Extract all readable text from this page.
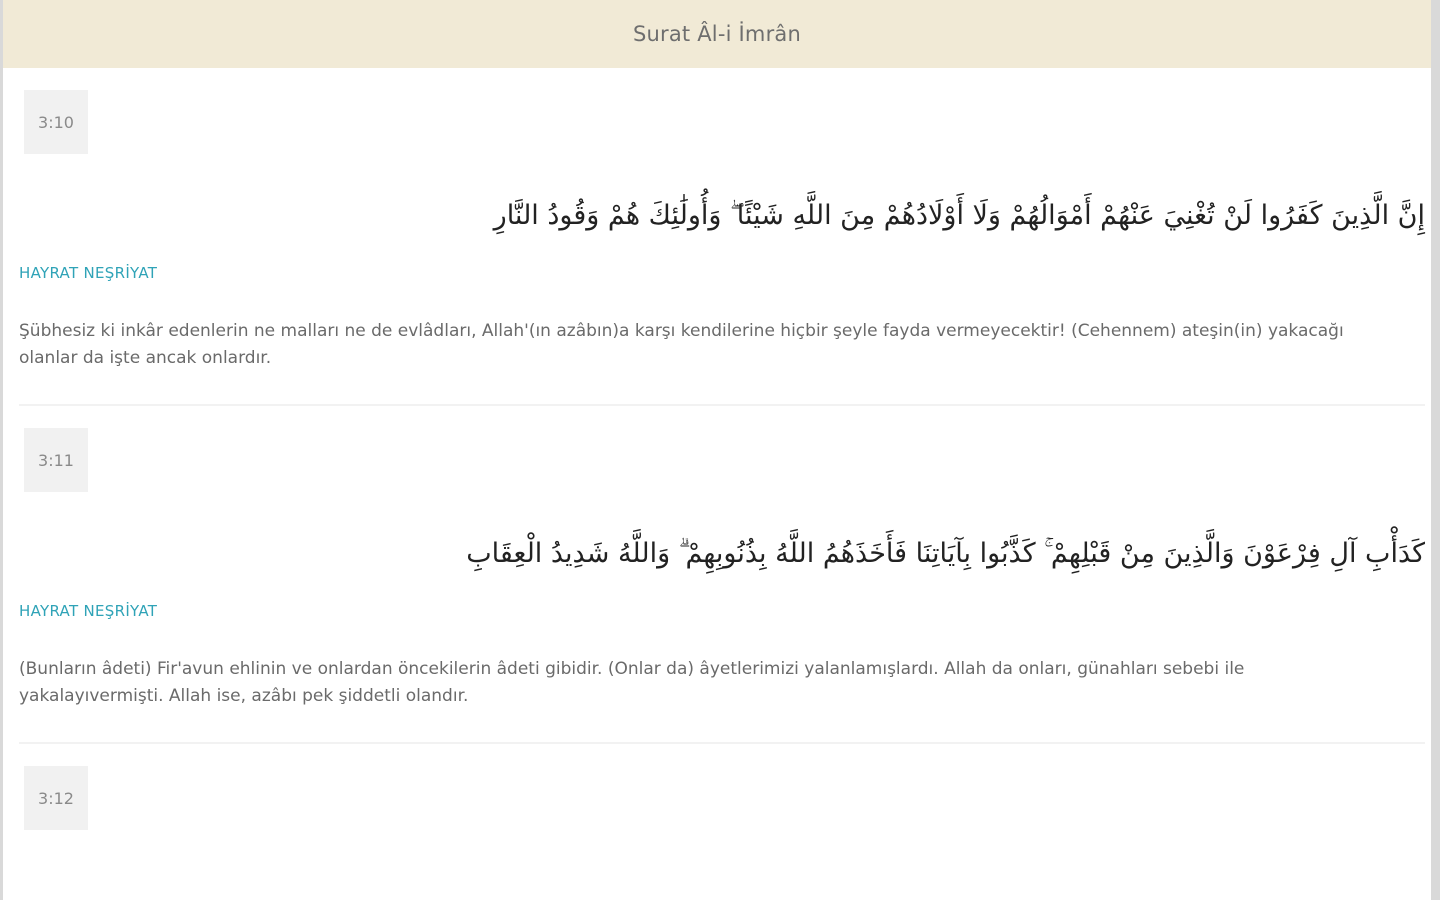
Surat Âl-i İmrân
3:10
إِنَّ الَّذِينَ كَفَرُوا لَنْ تُغْنِيَ عَنْهُمْ أَمْوَالُهُمْ وَلَا أَوْلَادُهُمْ مِنَ اللَّهِ شَيْئًا ۖ وَأُولَٰئِكَ هُمْ وَقُودُ النَّارِ
HAYRAT NEŞRİYAT
Şübhesiz ki inkâr edenlerin ne malları ne de evlâdları, Allah'(ın azâbın)a karşı kendilerine hiçbir şeyle fayda vermeyecektir! (Cehennem) ateşin(in) yakacağı olanlar da işte ancak onlardır.
3:11
كَدَأْبِ آلِ فِرْعَوْنَ وَالَّذِينَ مِنْ قَبْلِهِمْ ۚ كَذَّبُوا بِآيَاتِنَا فَأَخَذَهُمُ اللَّهُ بِذُنُوبِهِمْ ۗ وَاللَّهُ شَدِيدُ الْعِقَابِ
HAYRAT NEŞRİYAT
(Bunların âdeti) Fir'avun ehlinin ve onlardan öncekilerin âdeti gibidir. (Onlar da) âyetlerimizi yalanlamışlardı. Allah da onları, günahları sebebi ile yakalayıvermişti. Allah ise, azâbı pek şiddetli olandır.
3:12
